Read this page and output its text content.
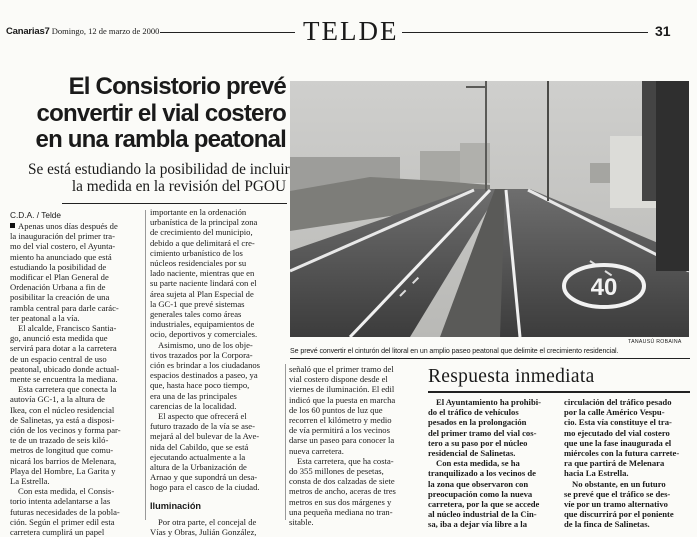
Canarias7 Domingo, 12 de marzo de 2000	TELDE	31
El Consistorio prevé
convertir el vial costero
en una rambla peatonal
Se está estudiando la posibilidad de incluir
la medida en la revisión del PGOU
C.D.A. / Telde
Apenas unos días después de
la inauguración del primer tra-
mo del vial costero, el Ayunta-
miento ha anunciado que está
estudiando la posibilidad de
modificar el Plan General de
Ordenación Urbana a fin de
posibilitar la creación de una
rambla central para darle carác-
ter peatonal a la vía.
El alcalde, Francisco Santia-
go, anunció esta medida que
servirá para dotar a la carretera
de un espacio central de uso
peatonal, ubicado donde actual-
mente se encuentra la mediana.
Esta carretera que conecta la
autovía GC-1, a la altura de
Ikea, con el núcleo residencial
de Salinetas, ya está a disposi-
ción de los vecinos y forma par-
te de un trazado de seis kiló-
metros de longitud que comu-
nicará los barrios de Melenara,
Playa del Hombre, La Garita y
La Estrella.
Con esta medida, el Consis-
torio intenta adelantarse a las
futuras necesidades de la pobla-
ción. Según el primer edil esta
carretera cumplirá un papel
importante en la ordenación
urbanística de la principal zona
de crecimiento del municipio,
debido a que delimitará el cre-
cimiento urbanístico de los
núcleos residenciales por su
lado naciente, mientras que en
su parte naciente lindará con el
área sujeta al Plan Especial de
la GC-1 que prevé sistemas
generales tales como áreas
industriales, equipamientos de
ocio, deportivos y comerciales.
Asimismo, uno de los obje-
tivos trazados por la Corpora-
ción es brindar a los ciudadanos
espacios destinados a paseo, ya
que, hasta hace poco tiempo,
era una de las principales
carencias de la localidad.
El aspecto que ofrecerá el
futuro trazado de la vía se ase-
mejará al del bulevar de la Ave-
nida del Cabildo, que se está
ejecutando actualmente a la
altura de la Urbanización de
Arnao y que supondrá un desa-
hogo para el casco de la ciudad.
Iluminación
Por otra parte, el concejal de
Vías y Obras, Julián González,
señaló que el primer tramo del
vial costero dispone desde el
viernes de iluminación. El edil
indicó que la puesta en marcha
de los 60 puntos de luz que
recorren el kilómetro y medio
de vía permitirá a los vecinos
darse un paseo para conocer la
nueva carretera.
Esta carretera, que ha costa-
do 355 millones de pesetas,
consta de dos calzadas de siete
metros de ancho, aceras de tres
metros en sus dos márgenes y
una pequeña mediana no tran-
sitable.
40
TANAUSÚ ROBAINA
Se prevé convertir el cinturón del litoral en un amplio paseo peatonal que delimite el crecimiento residencial.
Respuesta inmediata
El Ayuntamiento ha prohibi-
do el tráfico de vehículos
pesados en la prolongación
del primer tramo del vial cos-
tero a su paso por el núcleo
residencial de Salinetas.
Con esta medida, se ha
tranquilizado a los vecinos de
la zona que observaron con
preocupación como la nueva
carretera, por la que se accede
al núcleo industrial de la Cin-
sa, iba a dejar vía libre a la
circulación del tráfico pesado
por la calle Américo Vespu-
cio. Esta vía constituye el tra-
mo ejecutado del vial costero
que une la fase inaugurada el
miércoles con la futura carrete-
ra que partirá de Melenara
hacia La Estrella.
No obstante, en un futuro
se prevé que el tráfico se des-
víe por un tramo alternativo
que discurrirá por el poniente
de la finca de Salinetas.
